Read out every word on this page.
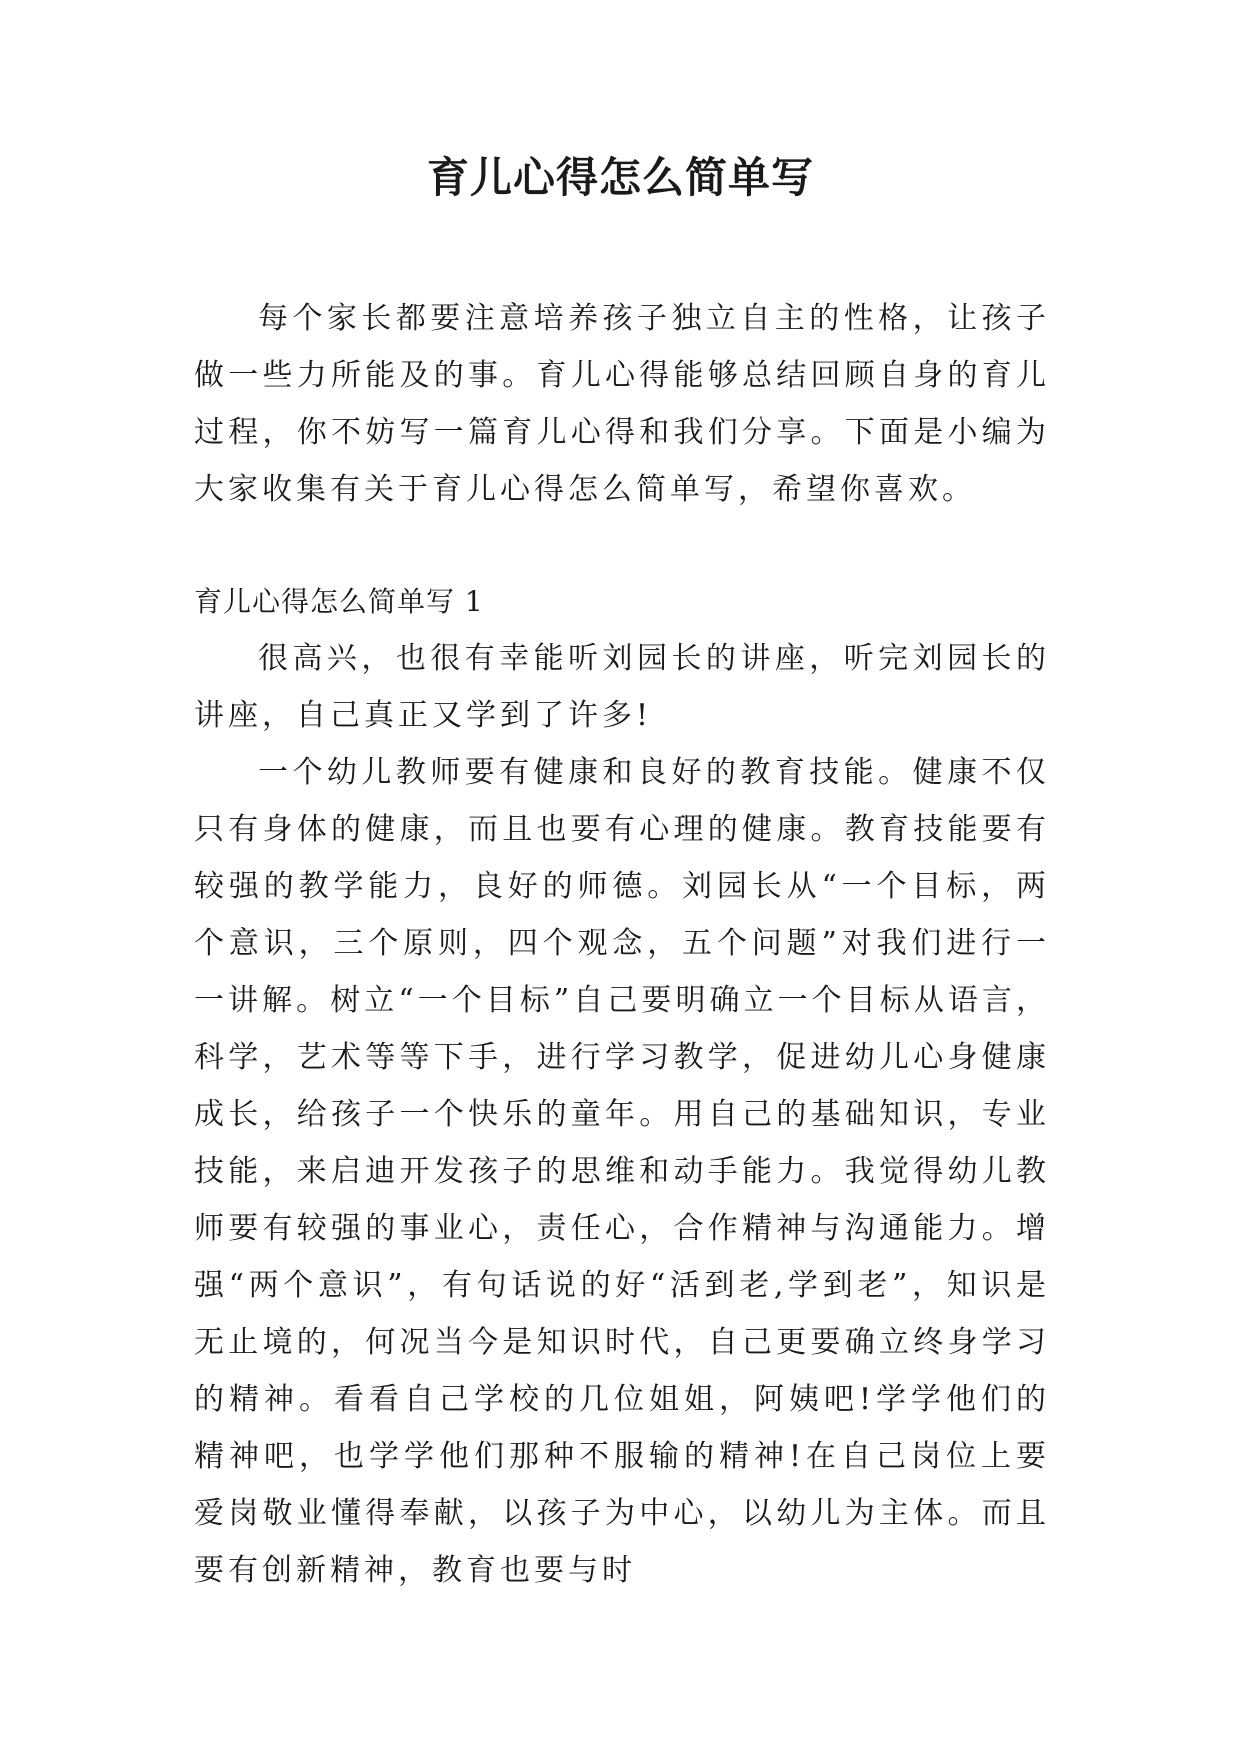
育儿心得怎么简单写

每个家长都要注意培养孩子独立自主的性格，让孩子做一些力所能及的事。育儿心得能够总结回顾自身的育儿过程，你不妨写一篇育儿心得和我们分享。下面是小编为大家收集有关于育儿心得怎么简单写，希望你喜欢。

育儿心得怎么简单写 1

很高兴，也很有幸能听刘园长的讲座，听完刘园长的讲座，自己真正又学到了许多!

一个幼儿教师要有健康和良好的教育技能。健康不仅只有身体的健康，而且也要有心理的健康。教育技能要有较强的教学能力，良好的师德。刘园长从“一个目标，两个意识，三个原则，四个观念，五个问题”对我们进行一一讲解。树立“一个目标”自己要明确立一个目标从语言，科学，艺术等等下手，进行学习教学，促进幼儿心身健康成长，给孩子一个快乐的童年。用自己的基础知识，专业技能，来启迪开发孩子的思维和动手能力。我觉得幼儿教师要有较强的事业心，责任心，合作精神与沟通能力。增强“两个意识”，有句话说的好“活到老,学到老”，知识是无止境的，何况当今是知识时代，自己更要确立终身学习的精神。看看自己学校的几位姐姐，阿姨吧!学学他们的精神吧，也学学他们那种不服输的精神!在自己岗位上要爱岗敬业懂得奉献，以孩子为中心，以幼儿为主体。而且要有创新精神，教育也要与时
